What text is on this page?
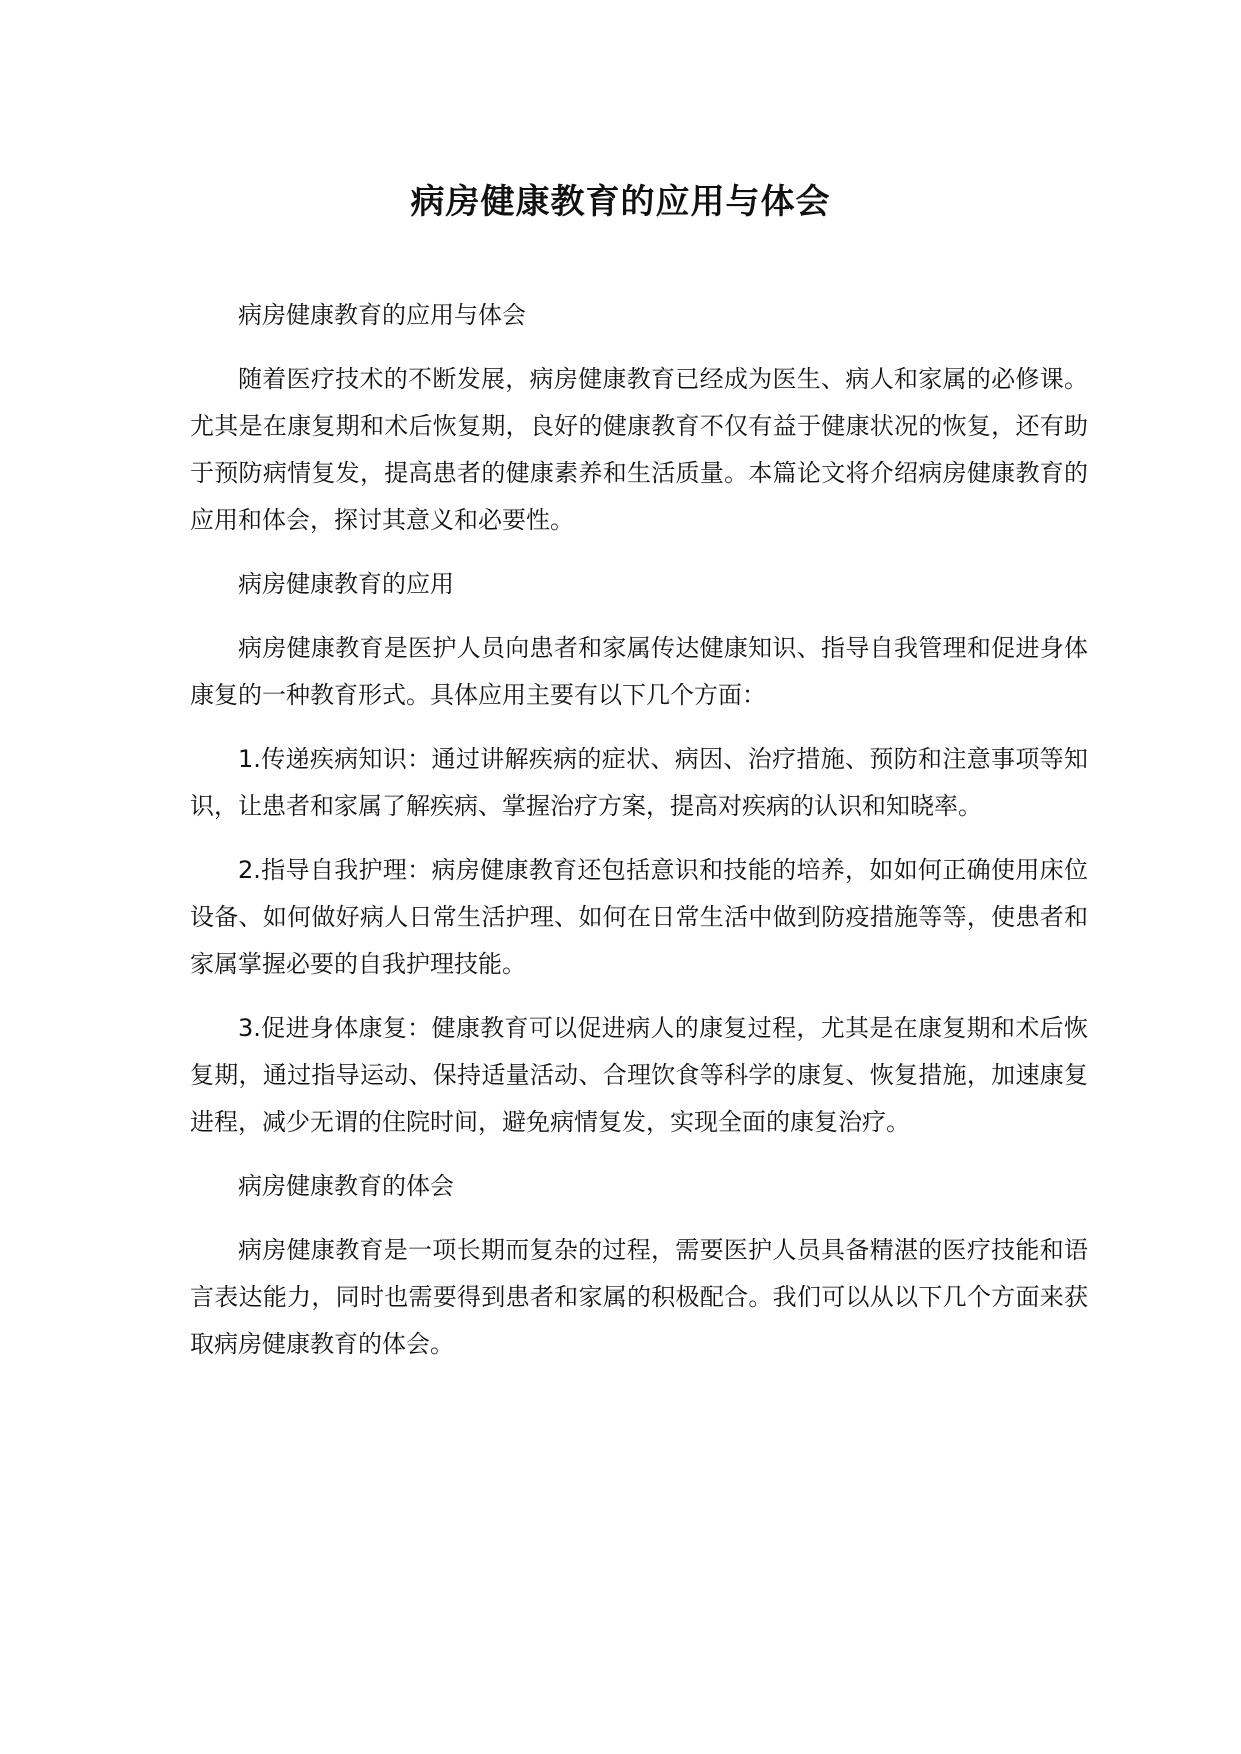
病房健康教育的应用与体会

病房健康教育的应用与体会

随着医疗技术的不断发展，病房健康教育已经成为医生、病人和家属的必修课。尤其是在康复期和术后恢复期，良好的健康教育不仅有益于健康状况的恢复，还有助于预防病情复发，提高患者的健康素养和生活质量。本篇论文将介绍病房健康教育的应用和体会，探讨其意义和必要性。

病房健康教育的应用

病房健康教育是医护人员向患者和家属传达健康知识、指导自我管理和促进身体康复的一种教育形式。具体应用主要有以下几个方面：

1.传递疾病知识：通过讲解疾病的症状、病因、治疗措施、预防和注意事项等知识，让患者和家属了解疾病、掌握治疗方案，提高对疾病的认识和知晓率。

2.指导自我护理：病房健康教育还包括意识和技能的培养，如如何正确使用床位设备、如何做好病人日常生活护理、如何在日常生活中做到防疫措施等等，使患者和家属掌握必要的自我护理技能。

3.促进身体康复：健康教育可以促进病人的康复过程，尤其是在康复期和术后恢复期，通过指导运动、保持适量活动、合理饮食等科学的康复、恢复措施，加速康复进程，减少无谓的住院时间，避免病情复发，实现全面的康复治疗。

病房健康教育的体会

病房健康教育是一项长期而复杂的过程，需要医护人员具备精湛的医疗技能和语言表达能力，同时也需要得到患者和家属的积极配合。我们可以从以下几个方面来获取病房健康教育的体会。
